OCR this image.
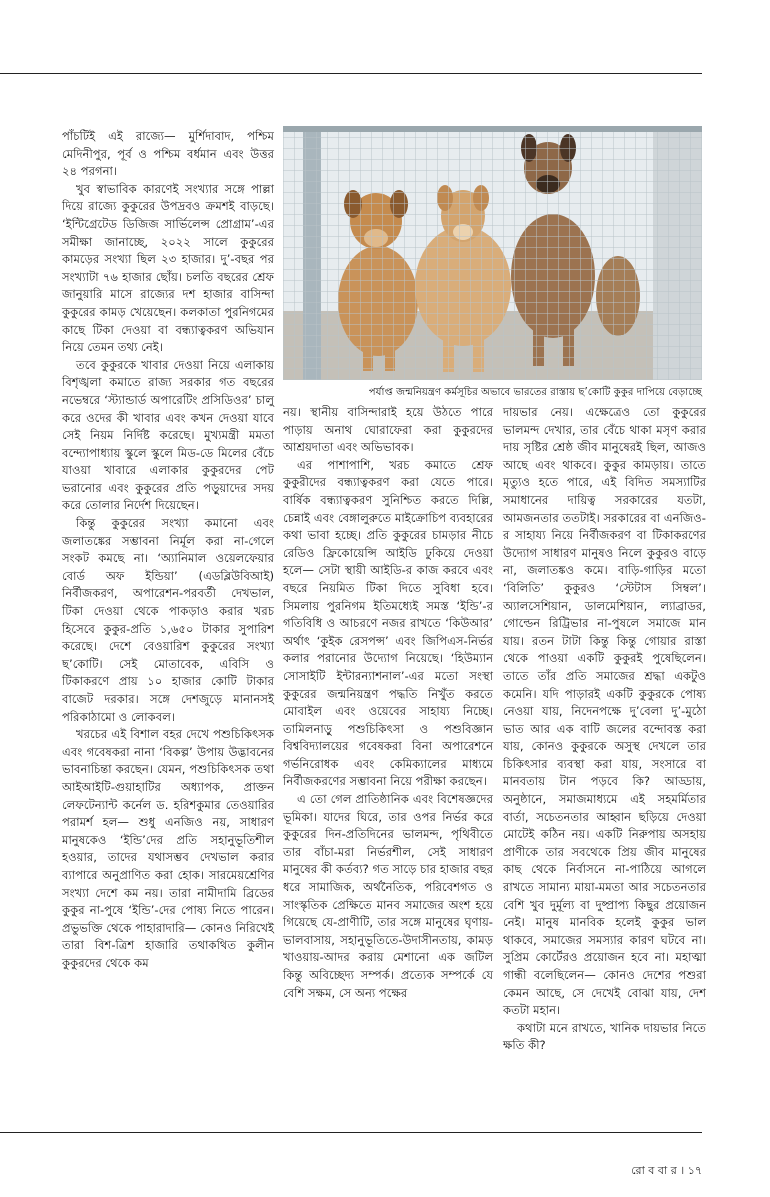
পাঁচটিই এই রাজ্যে— মুর্শিদাবাদ, পশ্চিম মেদিনীপুর, পূর্ব ও পশ্চিম বর্ধমান এবং উত্তর ২৪ পরগনা।

খুব স্বাভাবিক কারণেই সংখ্যার সঙ্গে পাল্লা দিয়ে রাজ্যে কুকুরের উপদ্রবও ক্রমশই বাড়ছে। ‘ইন্টিগ্রেটেড ডিজিজ সার্ভিলেন্স প্রোগ্রাম’-এর সমীক্ষা জানাচ্ছে, ২০২২ সালে কুকুরের কামড়ের সংখ্যা ছিল ২৩ হাজার। দু’-বছর পর সংখ্যাটা ৭৬ হাজার ছোঁয়। চলতি বছরের শ্রেফ জানুয়ারি মাসে রাজ্যের দশ হাজার বাসিন্দা কুকুরের কামড় খেয়েছেন। কলকাতা পুরনিগমের কাছে টিকা দেওয়া বা বন্ধ্যাত্বকরণ অভিযান নিয়ে তেমন তথ্য নেই।

তবে কুকুরকে খাবার দেওয়া নিয়ে এলাকায় বিশৃঙ্খলা কমাতে রাজ্য সরকার গত বছরের নভেম্বরে ‘স্ট্যান্ডার্ড অপারেটিং প্রসিডিওর’ চালু করে ওদের কী খাবার এবং কখন দেওয়া যাবে সেই নিয়ম নির্দিষ্ট করেছে। মুখ্যমন্ত্রী মমতা বন্দ্যোপাধ্যায় স্কুলে স্কুলে মিড-ডে মিলের বেঁচে যাওয়া খাবারে এলাকার কুকুরদের পেট ভরানোর এবং কুকুরের প্রতি পড়ুয়াদের সদয় করে তোলার নির্দেশ দিয়েছেন।

কিন্তু কুকুরের সংখ্যা কমানো এবং জলাতঙ্কের সম্ভাবনা নির্মূল করা না-গেলে সংকট কমছে না। ‘অ্যানিমাল ওয়েলফেয়ার বোর্ড অফ ইন্ডিয়া’ (এডব্লিউবিআই) নির্বীজকরণ, অপারেশন-পরবর্তী দেখভাল, টিকা দেওয়া থেকে পাকড়াও করার খরচ হিসেবে কুকুর-প্রতি ১,৬৫০ টাকার সুপারিশ করেছে। দেশে বেওয়ারিশ কুকুরের সংখ্যা ছ’কোটি। সেই মোতাবেক, এবিসি ও টিকাকরণে প্রায় ১০ হাজার কোটি টাকার বাজেট দরকার। সঙ্গে দেশজুড়ে মানানসই পরিকাঠামো ও লোকবল।

খরচের এই বিশাল বহর দেখে পশুচিকিৎসক এবং গবেষকরা নানা ‘বিকল্প’ উপায় উদ্ভাবনের ভাবনাচিন্তা করছেন। যেমন, পশুচিকিৎসক তথা আইআইটি-গুয়াহাটির অধ্যাপক, প্রাক্তন লেফটেন্যান্ট কর্নেল ড. হরিশকুমার তেওয়ারির পরামর্শ হল— শুধু এনজিও নয়, সাধারণ মানুষকেও ‘ইন্ডি’দের প্রতি সহানুভূতিশীল হওয়ার, তাদের যথাসম্ভব দেখভাল করার ব্যাপারে অনুপ্রাণিত করা হোক। সারমেয়শ্রেণির সংখ্যা দেশে কম নয়। তারা নামীদামি ব্রিডের কুকুর না-পুষে ‘ইন্ডি’-দের পোষ্য নিতে পারেন। প্রভুভক্তি থেকে পাহারাদারি— কোনও নিরিখেই তারা বিশ-ত্রিশ হাজারি তথাকথিত কুলীন কুকুরদের থেকে কম

পর্যাপ্ত জন্মনিয়ন্ত্রণ কর্মসূচির অভাবে ভারতের রাস্তায় ছ’কোটি কুকুর দাপিয়ে বেড়াচ্ছে

নয়। স্থানীয় বাসিন্দারাই হয়ে উঠতে পারে পাড়ায় অনাথ ঘোরাফেরা করা কুকুরদের আশ্রয়দাতা এবং অভিভাবক।

এর পাশাপাশি, খরচ কমাতে শ্রেফ কুকুরীদের বন্ধ্যাত্বকরণ করা যেতে পারে। বার্ষিক বন্ধ্যাত্বকরণ সুনিশ্চিত করতে দিল্লি, চেন্নাই এবং বেঙ্গালুরুতে মাইক্রোচিপ ব্যবহারের কথা ভাবা হচ্ছে। প্রতি কুকুরের চামড়ার নীচে রেডিও ফ্রিকোয়েন্সি আইডি ঢুকিয়ে দেওয়া হলে— সেটা স্থায়ী আইডি-র কাজ করবে এবং বছরে নিয়মিত টিকা দিতে সুবিধা হবে। সিমলায় পুরনিগম ইতিমধ্যেই সমস্ত ‘ইন্ডি’-র গতিবিধি ও আচরণে নজর রাখতে ‘কিউআর’ অর্থাৎ ‘কুইক রেসপন্স’ এবং জিপিএস-নির্ভর কলার পরানোর উদ্যোগ নিয়েছে। ‘হিউম্যান সোসাইটি ইন্টারন্যাশনাল’-এর মতো সংস্থা কুকুরের জন্মনিয়ন্ত্রণ পদ্ধতি নিখুঁত করতে মোবাইল এবং ওয়েবের সাহায্য নিচ্ছে। তামিলনাড়ু পশুচিকিৎসা ও পশুবিজ্ঞান বিশ্ববিদ্যালয়ের গবেষকরা বিনা অপারেশনে গর্ভনিরোধক এবং কেমিক্যালের মাধ্যমে নির্বীজকরণের সম্ভাবনা নিয়ে পরীক্ষা করছেন।

এ তো গেল প্রাতিষ্ঠানিক এবং বিশেষজ্ঞদের ভূমিকা। যাদের ঘিরে, তার ওপর নির্ভর করে কুকুরের দিন-প্রতিদিনের ভালমন্দ, পৃথিবীতে তার বাঁচা-মরা নির্ভরশীল, সেই সাধারণ মানুষের কী কর্তব্য? গত সাড়ে চার হাজার বছর ধরে সামাজিক, অর্থনৈতিক, পরিবেশগত ও সাংস্কৃতিক প্রেক্ষিতে মানব সমাজের অংশ হয়ে গিয়েছে যে-প্রাণীটি, তার সঙ্গে মানুষের ঘৃণায়-ভালবাসায়, সহানুভূতিতে-উদাসীনতায়, কামড় খাওয়ায়-আদর করায় মেশানো এক জটিল কিন্তু অবিচ্ছেদ্য সম্পর্ক। প্রত্যেক সম্পর্কে যে বেশি সক্ষম, সে অন্য পক্ষের

দায়ভার নেয়। এক্ষেত্রেও তো কুকুরের ভালমন্দ দেখার, তার বেঁচে থাকা মসৃণ করার দায় সৃষ্টির শ্রেষ্ঠ জীব মানুষেরই ছিল, আজও আছে এবং থাকবে। কুকুর কামড়ায়। তাতে মৃত্যুও হতে পারে, এই বিদিত সমস্যাটির সমাধানের দায়িত্ব সরকারের যতটা, আমজনতার ততটাই। সরকারের বা এনজিও-র সাহায্য নিয়ে নির্বীজকরণ বা টিকাকরণের উদ্যোগ সাধারণ মানুষও নিলে কুকুরও বাড়ে না, জলাতঙ্কও কমে। বাড়ি-গাড়ির মতো ‘বিলিতি’ কুকুরও ‘স্টেটাস সিম্বল’। অ্যালসেশিয়ান, ডালমেশিয়ান, ল্যাব্রাডর, গোল্ডেন রিট্রিভার না-পুষলে সমাজে মান যায়। রতন টাটা কিন্তু কিন্তু গোয়ার রাস্তা থেকে পাওয়া একটি কুকুরই পুষেছিলেন। তাতে তাঁর প্রতি সমাজের শ্রদ্ধা একটুও কমেনি। যদি পাড়ারই একটি কুকুরকে পোষ্য নেওয়া যায়, নিদেনপক্ষে দু’বেলা দু’-মুঠো ভাত আর এক বাটি জলের বন্দোবস্ত করা যায়, কোনও কুকুরকে অসুস্থ দেখলে তার চিকিৎসার ব্যবস্থা করা যায়, সংসারে বা মানবতায় টান পড়বে কি? আড্ডায়, অনুষ্ঠানে, সমাজমাধ্যমে এই সহমর্মিতার বার্তা, সচেতনতার আহ্বান ছড়িয়ে দেওয়া মোটেই কঠিন নয়। একটি নিরুপায় অসহায় প্রাণীকে তার সবথেকে প্রিয় জীব মানুষের কাছ থেকে নির্বাসনে না-পাঠিয়ে আগলে রাখতে সামান্য মায়া-মমতা আর সচেতনতার বেশি খুব দুর্মূল্য বা দুষ্প্রাপ্য কিছুর প্রয়োজন নেই। মানুষ মানবিক হলেই কুকুর ভাল থাকবে, সমাজের সমস্যার কারণ ঘটবে না। সুপ্রিম কোর্টেরও প্রয়োজন হবে না। মহাত্মা গান্ধী বলেছিলেন— কোনও দেশের পশুরা কেমন আছে, সে দেখেই বোঝা যায়, দেশ কতটা মহান।

কথাটা মনে রাখতে, খানিক দায়ভার নিতে ক্ষতি কী?

রো ব বা র । ১৭
